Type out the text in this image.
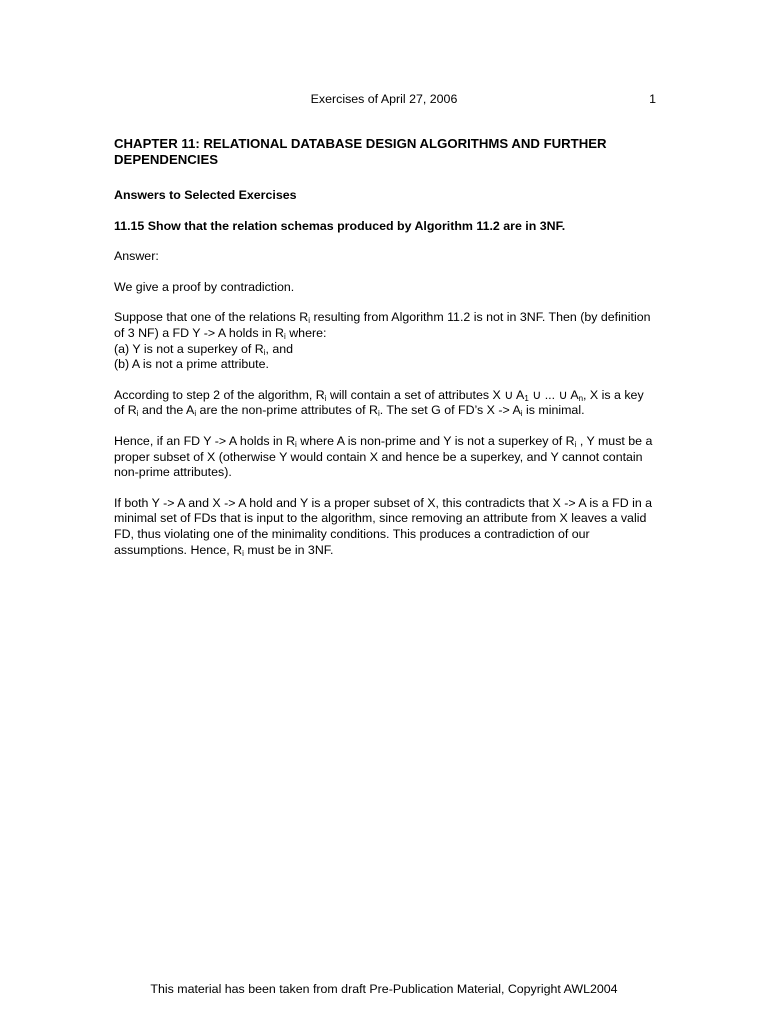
Exercises of April 27, 2006	1
CHAPTER 11: RELATIONAL DATABASE DESIGN ALGORITHMS AND FURTHER DEPENDENCIES
Answers to Selected Exercises
11.15 Show that the relation schemas produced by Algorithm 11.2 are in 3NF.

Answer:

We give a proof by contradiction.

Suppose that one of the relations $R_i$ resulting from Algorithm 11.2 is not in 3NF. Then (by definition of 3 NF) a FD Y -> A holds in $R_i$ where:
(a) Y is not a superkey of $R_i$, and
(b) A is not a prime attribute.

According to step 2 of the algorithm, $R_i$ will contain a set of attributes X ∪ $A_1$ ∪ ... ∪ $A_n$, X is a key of $R_i$ and the $A_i$ are the non-prime attributes of $R_i$. The set G of FD’s $X -> A_i$ is minimal.

Hence, if an FD Y -> A holds in $R_i$ where A is non-prime and Y is not a superkey of $R_i$ , Y must be a proper subset of X (otherwise Y would contain X and hence be a superkey, and Y cannot contain non-prime attributes).

If both Y -> A and X -> A hold and Y is a proper subset of X, this contradicts that X -> A is a FD in a minimal set of FDs that is input to the algorithm, since removing an attribute from X leaves a valid FD, thus violating one of the minimality conditions. This produces a contradiction of our assumptions. Hence, $R_i$ must be in 3NF.

This material has been taken from draft Pre-Publication Material, Copyright AWL2004
